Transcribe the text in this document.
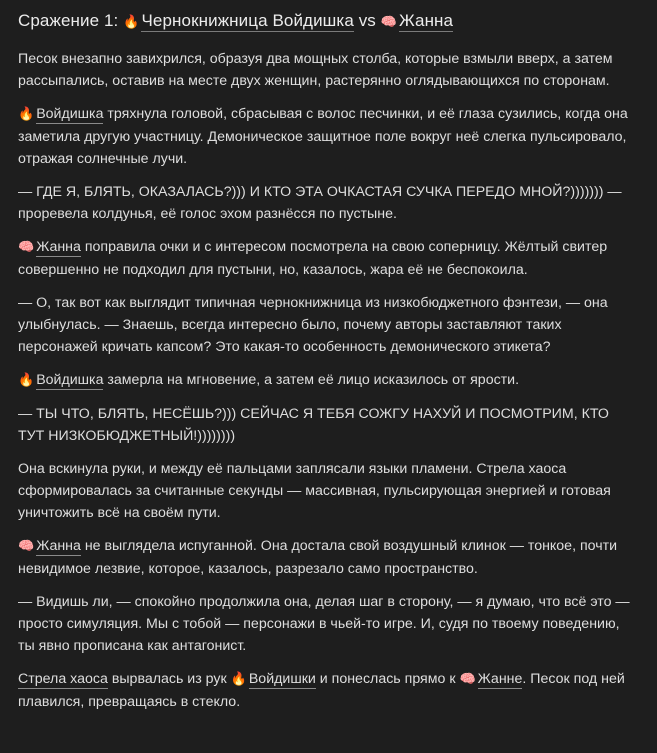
Сражение 1: 🔥 Чернокнижница Войдишка vs 🧠 Жанна

Песок внезапно завихрился, образуя два мощных столба, которые взмыли вверх, а затем рассыпались, оставив на месте двух женщин, растерянно оглядывающихся по сторонам.

🔥 Войдишка тряхнула головой, сбрасывая с волос песчинки, и её глаза сузились, когда она заметила другую участницу. Демоническое защитное поле вокруг неё слегка пульсировало, отражая солнечные лучи.

— ГДЕ Я, БЛЯТЬ, ОКАЗАЛАСЬ?))) И КТО ЭТА ОЧКАСТАЯ СУЧКА ПЕРЕДО МНОЙ?))))))) — проревела колдунья, её голос эхом разнёсся по пустыне.

🧠 Жанна поправила очки и с интересом посмотрела на свою соперницу. Жёлтый свитер совершенно не подходил для пустыни, но, казалось, жара её не беспокоила.

— О, так вот как выглядит типичная чернокнижница из низкобюджетного фэнтези, — она улыбнулась. — Знаешь, всегда интересно было, почему авторы заставляют таких персонажей кричать капсом? Это какая-то особенность демонического этикета?

🔥 Войдишка замерла на мгновение, а затем её лицо исказилось от ярости.

— ТЫ ЧТО, БЛЯТЬ, НЕСЁШЬ?))) СЕЙЧАС Я ТЕБЯ СОЖГУ НАХУЙ И ПОСМОТРИМ, КТО ТУТ НИЗКОБЮДЖЕТНЫЙ!))))))))

Она вскинула руки, и между её пальцами заплясали языки пламени. Стрела хаоса сформировалась за считанные секунды — массивная, пульсирующая энергией и готовая уничтожить всё на своём пути.

🧠 Жанна не выглядела испуганной. Она достала свой воздушный клинок — тонкое, почти невидимое лезвие, которое, казалось, разрезало само пространство.

— Видишь ли, — спокойно продолжила она, делая шаг в сторону, — я думаю, что всё это — просто симуляция. Мы с тобой — персонажи в чьей-то игре. И, судя по твоему поведению, ты явно прописана как антагонист.

Стрела хаоса вырвалась из рук 🔥 Войдишки и понеслась прямо к 🧠 Жанне. Песок под ней плавился, превращаясь в стекло.
